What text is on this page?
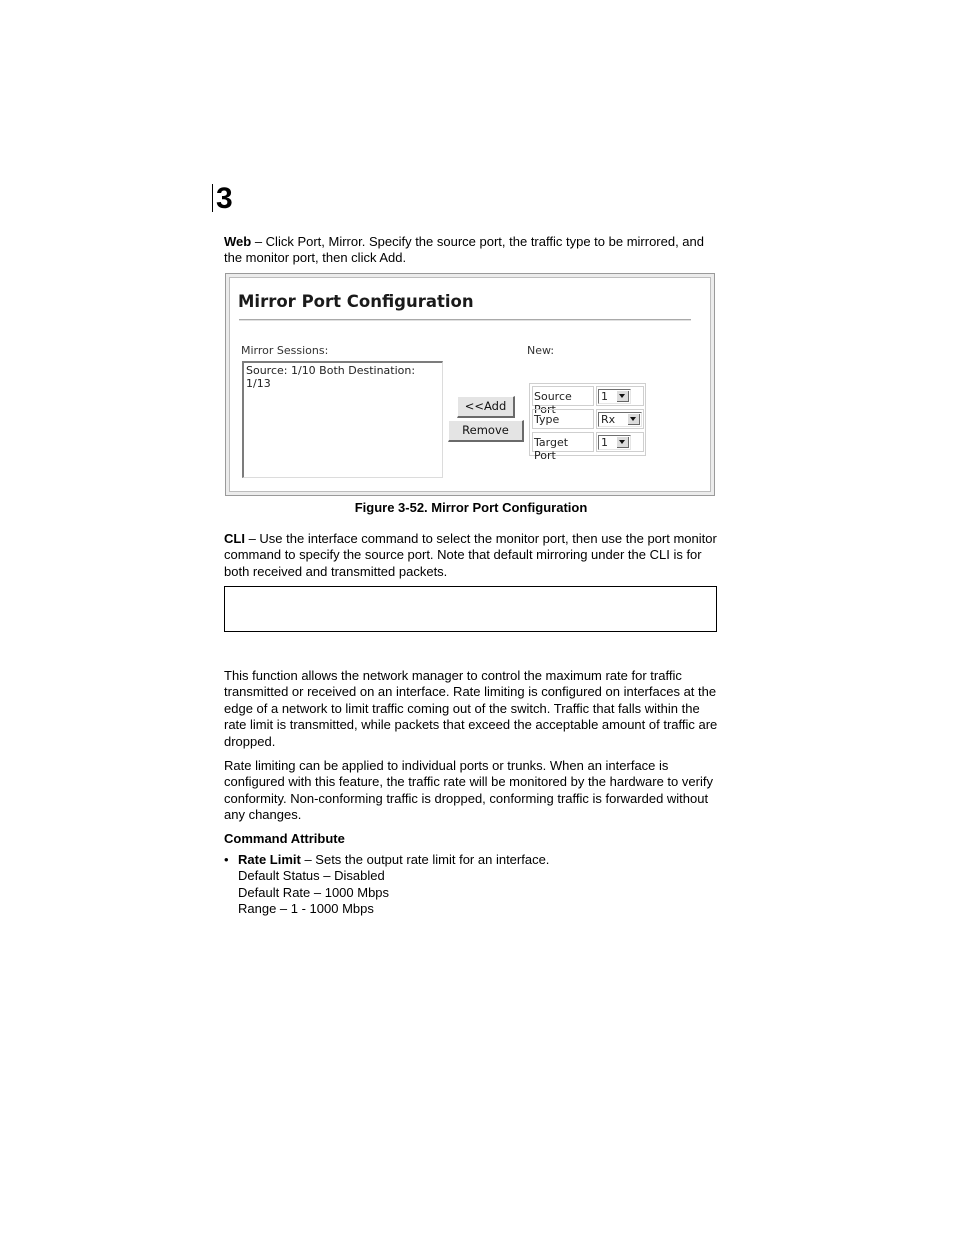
3
Web – Click Port, Mirror. Specify the source port, the traffic type to be mirrored, and the monitor port, then click Add.
Mirror Port Configuration
Mirror Sessions:	New:
Source: 1/10 Both Destination: 1/13
<<Add
Remove
Source Port
1
Type	Rx
Target Port
1
Figure 3-52. Mirror Port Configuration
CLI – Use the interface command to select the monitor port, then use the port monitor command to specify the source port. Note that default mirroring under the CLI is for both received and transmitted packets.
This function allows the network manager to control the maximum rate for traffic transmitted or received on an interface. Rate limiting is configured on interfaces at the edge of a network to limit traffic coming out of the switch. Traffic that falls within the rate limit is transmitted, while packets that exceed the acceptable amount of traffic are dropped.
Rate limiting can be applied to individual ports or trunks. When an interface is configured with this feature, the traffic rate will be monitored by the hardware to verify conformity. Non-conforming traffic is dropped, conforming traffic is forwarded without any changes.
Command Attribute
• Rate Limit – Sets the output rate limit for an interface.
Default Status – Disabled
Default Rate – 1000 Mbps
Range – 1 - 1000 Mbps
